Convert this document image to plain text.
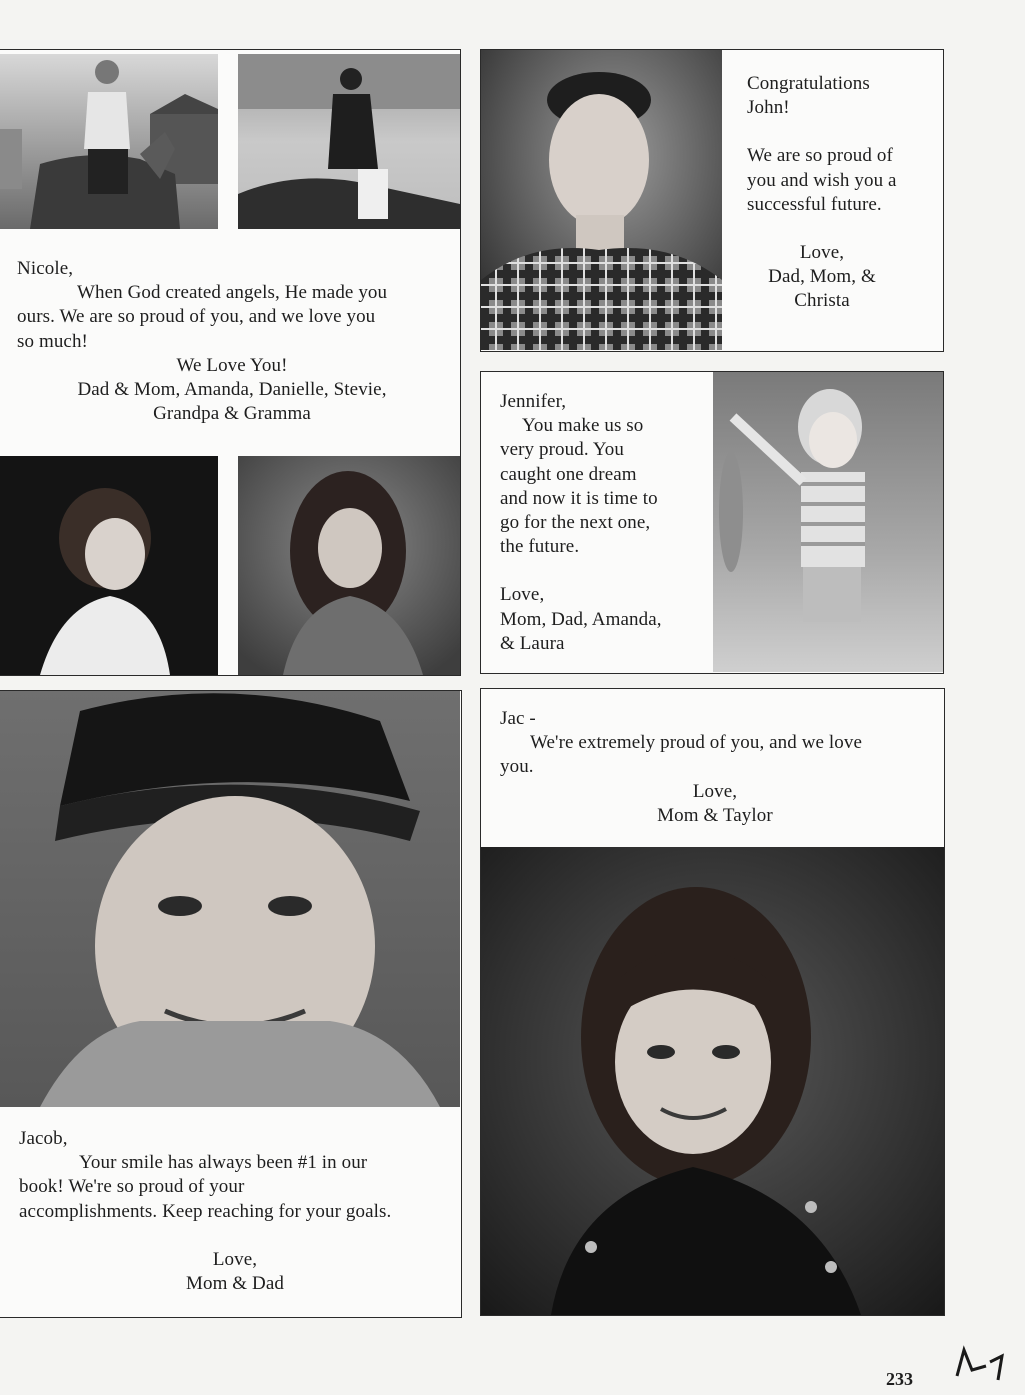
Nicole,

When God created angels, He made you

ours. We are so proud of you, and we love you

so much!

We Love You!

Dad & Mom, Amanda, Danielle, Stevie,

Grandpa & Gramma

Congratulations

John!

We are so proud of

you and wish you a

successful future.

Love,

Dad, Mom, &

Christa

Jennifer,

You make us so

very proud. You

caught one dream

and now it is time to

go for the next one,

the future.

Love,

Mom, Dad, Amanda,

& Laura

Jacob,

Your smile has always been #1 in our

book! We're so proud of your

accomplishments. Keep reaching for your goals.

Love,

Mom & Dad

Jac -

We're extremely proud of you, and we love

you.

Love,

Mom & Taylor

233
